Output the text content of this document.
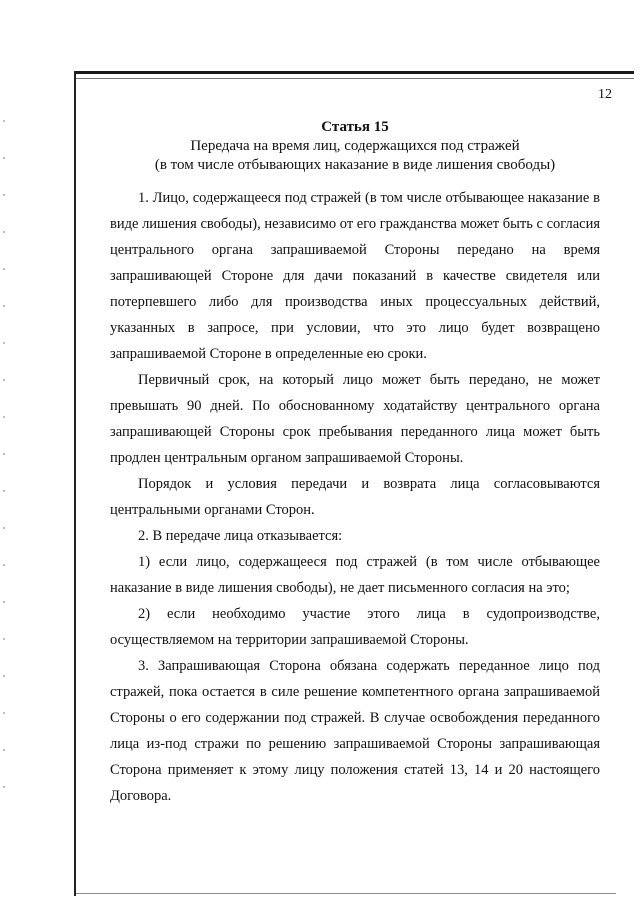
12
Статья 15
Передача на время лиц, содержащихся под стражей
(в том числе отбывающих наказание в виде лишения свободы)

1. Лицо, содержащееся под стражей (в том числе отбывающее наказание в виде лишения свободы), независимо от его гражданства может быть с согласия центрального органа запрашиваемой Стороны передано на время запрашивающей Стороне для дачи показаний в качестве свидетеля или потерпевшего либо для производства иных процессуальных действий, указанных в запросе, при условии, что это лицо будет возвращено запрашиваемой Стороне в определенные ею сроки.

Первичный срок, на который лицо может быть передано, не может превышать 90 дней. По обоснованному ходатайству центрального органа запрашивающей Стороны срок пребывания переданного лица может быть продлен центральным органом запрашиваемой Стороны.

Порядок и условия передачи и возврата лица согласовываются центральными органами Сторон.

2. В передаче лица отказывается:

1) если лицо, содержащееся под стражей (в том числе отбывающее наказание в виде лишения свободы), не дает письменного согласия на это;

2) если необходимо участие этого лица в судопроизводстве, осуществляемом на территории запрашиваемой Стороны.

3. Запрашивающая Сторона обязана содержать переданное лицо под стражей, пока остается в силе решение компетентного органа запрашиваемой Стороны о его содержании под стражей. В случае освобождения переданного лица из-под стражи по решению запрашиваемой Стороны запрашивающая Сторона применяет к этому лицу положения статей 13, 14 и 20 настоящего Договора.
